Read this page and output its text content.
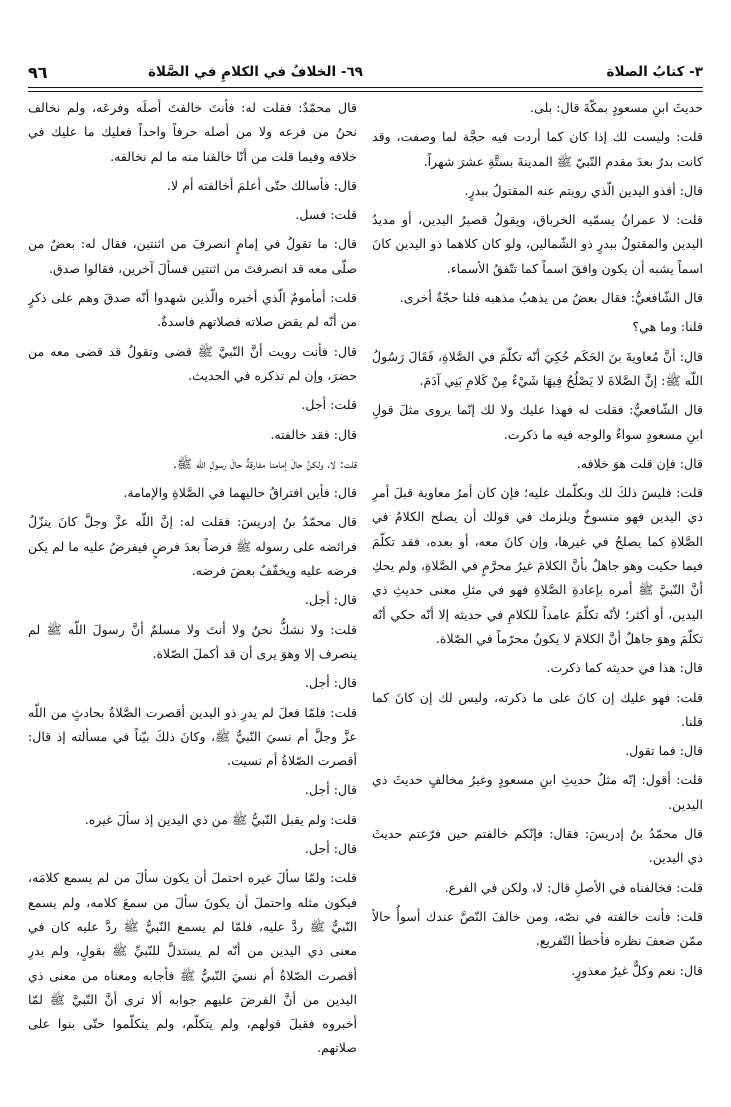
٣- كتابُ الصلاة
٦٩- الخلافُ في الكلامِ في الصَّلاة
٩٦

حديثَ ابنِ مسعودٍ بمكّةَ قال: بلى.

قلت: وليست لك إذا كان كما أردت فيه حجَّة لما وصفت، وقد كانت بدرٌ بعدَ مقدم النّبيّ ﷺ المدينةَ بستَّةِ عشرَ شهراً.

قال: أفذو اليدين الّذي رويتم عنه المقتولُ ببدرٍ.

قلت: لا عمرانُ يسمّيه الخرباق، ويقولُ قصيرُ اليدين، أو مديدُ اليدين والمقتولُ ببدرٍ ذو الشّمالين، ولو كان كلاهما ذو اليدين كانَ اسماً يشبه أن يكون وافقَ اسماً كما تتّفقُ الأسماء.

قال الشّافعيُّ: فقال بعضُ من يذهبُ مذهبه فلنا حجّةٌ أخرى.

قلنا: وما هي؟

قال: أنَّ مُعاويةَ بنَ الحَكَم حُكِيَ أنّه تكلّمَ في الصَّلاةِ، فَقَالَ رَسُولُ اللّه ﷺ: إنَّ الصَّلاةَ لا يَصْلُحُ فِيهَا شَيْءٌ مِنْ كَلامِ بَنِي آدَمَ.

قال الشّافعيُّ: فقلت له فهذا عليك ولا لك إنّما يروى مثلَ قولِ ابنِ مسعودٍ سواءٌ والوجه فيه ما ذكرت.

قال: فإن قلت هوَ خلافه.

قلت: فليسَ ذلكَ لك وبكلّمك عليه؛ فإن كان أمرُ معاوية قبلَ أمرِ ذي اليدين فهو منسوخٌ ويلزمك في قولك أن يصلح الكلامُ في الصَّلاةِ كما يصلحُ في غيرها، وإن كانَ معه، أو بعده، فقد تكلّمَ فيما حكيت وهو جاهلٌ بأنَّ الكلامَ غيرُ محرَّمٍ في الصَّلاةِ، ولم يحكِ أنَّ النّبيَّ ﷺ أمره بإعادةِ الصَّلاةِ فهو في مثلِ معنى حديثِ ذي اليدين، أو أكثر؛ لأنّه تكلّمَ عامداً للكلامِ في حديثه إلا أنّه حكي أنّه تكلّمَ وهوَ جاهلٌ أنَّ الكلامَ لا يكونُ محرّماً في الصّلاة.

قال: هذا في حديثه كما ذكرت.

قلت: فهو عليك إن كانَ على ما ذكرته، وليس لك إن كانَ كما قلنا.

قال: فما تقول.

قلت: أقول: إنّه مثلُ حديثِ ابنِ مسعودٍ وغيرُ مخالفٍ حديثَ ذي اليدين.

قال محمّدُ بنُ إدريسَ: فقال: فإنّكم خالفتم حين فرّعتم حديثَ ذي اليدين.

قلت: فخالفناه في الأصلِ قال: لا، ولكن في الفرع.

قلت: فأنت خالفته في نصّه، ومن خالفَ النّصَّ عندك أسوأُ حالاً ممّن ضعفَ نظره فأخطأ التّفريع.

قال: نعم وكلٌّ غيرُ معذورٍ.

قال محمّدٌ: فقلت له: فأنتَ خالفتَ أصلَه وفرعَه، ولم نخالف نحنُ من فرعه ولا من أصله حرفاً واحداً فعليك ما عليك في خلافه وفيما قلت من أنّا خالفنا منه ما لم نخالفه.

قال: فأسالك حتّى أعلمَ أخالفته أم لا.

قلت: فسل.

قال: ما تقولُ في إمامٍ انصرفَ من اثنتين، فقال له: بعضُ من صلّى معه قد انصرفتَ من اثنتين فسألَ آخرين، فقالوا صدق.

قلت: أمأمومٌ الّذي أخبره والّذين شهدوا أنّه صدقَ وهم على ذكرٍ من أنّه لم يقض صلاته فصلاتهم فاسدةٌ.

قال: فأنت رويت أنَّ النّبيَّ ﷺ قضى وتقولُ قد قضى معه من حضرَ، وإن لم تذكره في الحديث.

قلت: أجل.

قال: فقد خالفته.

قلت: لا، ولكنَّ حالَ إمامنا مفارقةٌ حالَ رسولِ اللّه ﷺ.

قال: فأين افتراقُ حاليهما في الصَّلاةِ والإمامة.

قال محمّدُ بنُ إدريسَ: فقلت له: إنَّ اللّه عزَّ وجلَّ كانَ ينزّلُ فرائضه على رسوله ﷺ فرضاً بعدَ فرضٍ فيفرضُ عليه ما لم يكن فرضه عليه ويخفّفُ بعضَ فرضه.

قال: أجل.

قلت: ولا نشكُّ نحنُ ولا أنتَ ولا مسلمٌ أنَّ رسولَ اللّه ﷺ لم ينصرف إلا وهوَ يرى أن قد أكملَ الصّلاة.

قال: أجل.

قلت: فلمّا فعلَ لم يدرِ ذو اليدين أقصرت الصَّلاةُ بحادثٍ من اللّه عزَّ وجلَّ أم نسيَ النّبيُّ ﷺ، وكانَ ذلكَ بيّناً في مسألته إذ قال: أقصرت الصّلاةُ أم نسيت.

قال: أجل.

قلت: ولم يقبل النّبيُّ ﷺ من ذي اليدين إذ سألَ غيره.

قال: أجل.

قلت: ولمّا سألَ غيره احتملَ أن يكون سألَ من لم يسمع كلامَه، فيكون مثله واحتملَ أن يكونَ سألَ من سمعَ كلامه، ولم يسمع النّبيُّ ﷺ ردَّ عليه، فلمّا لم يسمع النّبيُّ ﷺ ردَّ عليه كان في معنى ذي اليدين من أنّه لم يستدلَّ للنّبيِّ ﷺ بقولٍ، ولم يدرِ أقصرت الصّلاةُ أم نسيَ النّبيُّ ﷺ فأجابه ومعناه من معنى ذي اليدين من أنَّ الفرضَ عليهم جوابه ألا ترى أنَّ النّبيَّ ﷺ لمّا أخبروه فقبلَ قولهم، ولم يتكلّم، ولم يتكلّموا حتّى بنوا على صلاتهم.
